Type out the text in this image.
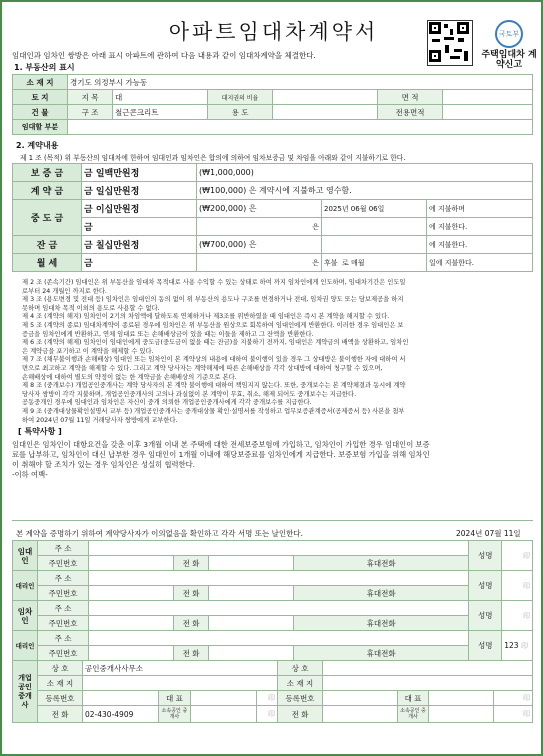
아파트임대차계약서	국토부
주택임대차 계약신고
임대인과 임차인 쌍방은 아래 표시 아파트에 관하여 다음 내용과 같이 임대차계약을 체결한다.
1. 부동산의 표시
소 재 지	경기도 의정부시 가능동					
토 지	지 목	대	대지권의 비율		면 적	
건 물	구 조	철근콘크리트	용 도		전용면적	
임대할 부분						
2. 계약내용
제 1 조 (목적) 위 부동산의 임대차에 한하여 임대인과 임차인은 합의에 의하여 임차보증금 및 차임을 아래와 같이 지불하기로 한다.
보 증 금	금 일백만원정	(₩1,000,000)		
계 약 금	금 일십만원정	(₩100,000) 은 계약시에 지불하고 영수함.		
중 도 금	금 이십만원정	(₩200,000) 은	2025년 06월 06일	에 지불하며
	금	은		에 지불한다.
잔 금	금 칠십만원정	(₩700,000) 은		에 지불한다.
월 세	금	은	후불 로 매월	일에 지불한다.
제 2 조 (존속기간) 임대인은 위 부동산을 임대차 목적대로 사용 수익할 수 있는 상태로 하여 까지 임차인에게 인도하며, 임대차기간은 인도일
로부터 24 개월인 까지로 한다.
제 3 조 (용도변경 및 전대 등) 임차인은 임대인의 동의 없이 위 부동산의 용도나 구조를 변경하거나 전대, 임차권 양도 또는 담보제공을 하지
못하며 임대차 목적 이외의 용도로 사용할 수 없다.
제 4 조 (계약의 해지) 임차인이 2기의 차임액에 달하도록 연체하거나 제3조를 위반하였을 때 임대인은 즉시 본 계약을 해지할 수 있다.
제 5 조 (계약의 종료) 임대차계약이 종료된 경우에 임차인은 위 부동산을 원상으로 회복하여 임대인에게 반환한다. 이러한 경우 임대인은 보
증금을 임차인에게 반환하고, 연체 임대료 또는 손해배상금이 있을 때는 이들을 제하고 그 잔액을 반환한다.
제 6 조 (계약의 해제) 임차인이 임대인에게 중도금(중도금이 없을 때는 잔금)을 지불하기 전까지, 임대인은 계약금의 배액을 상환하고, 임차인
은 계약금을 포기하고 이 계약을 해제할 수 있다.
제 7 조 (채무불이행과 손해배상) 임대인 또는 임차인이 본 계약상의 내용에 대하여 불이행이 있을 경우 그 상대방은 불이행한 자에 대하여 서
면으로 최고하고 계약을 해제할 수 있다. 그리고 계약 당사자는 계약해제에 따른 손해배상을 각각 상대방에 대하여 청구할 수 있으며,
손해배상에 대하여 별도의 약정이 없는 한 계약금을 손해배상의 기준으로 본다.
제 8 조 (중개보수) 개업공인중개사는 계약 당사자의 본 계약 불이행에 대하여 책임지지 않는다. 또한, 중개보수는 본 계약체결과 동시에 계약
당사자 쌍방이 각각 지불하며, 개업공인중개사의 고의나 과실없이 본 계약이 무효, 취소, 해제 되어도 중개보수는 지급한다.
공동중개인 경우에 임대인과 임차인은 자신이 중개 의뢰한 개업공인중개사에게 각각 중개보수를 지급한다.
제 9 조 (중개대상물확인설명서 교부 등) 개업공인중개사는 중개대상물 확인·설명서를 작성하고 업무보증관계증서(공제증서 등) 사본을 첨부
하여 2024년 07월 11일 거래당사자 쌍방에게 교부한다.
[ 특약사항 ]
임대인은 임차인이 대항요건을 갖춘 이후 3개월 이내 본 주택에 대한 전세보증보험에 가입하고, 임차인이 가입한 경우 임대인이 보증
료를 납부하고, 임차인이 대신 납부한 경우 임대인이 1개월 이내에 해당보증료를 임차인에게 지급한다. 보증보험 가입을 위해 임차인
이 취해야 할 조치가 있는 경우 임차인은 성실히 협력한다.
-이하 여백-
본 계약을 증명하기 위하여 계약당사자가 이의없음을 확인하고 각각 서명 또는 날인한다.	2024년 07월 11일
임대인	주 소					성명	印
	주민번호		전 화		휴대전화		
대리인	주 소					성명	印
	주민번호		전 화		휴대전화		
임차인	주 소					성명	印
	주민번호		전 화		휴대전화		
대리인	주 소					성명	123 印

	주민번호		전 화		휴대전화		
개업공인중개사	상 호	공인중개사사무소				상 호				
	소 재 지					소 재 지				
	등록번호		대 표		印	등록번호		대 표		印
	전 화	02-430-4909	소속공인 중개사		印	전 화		소속공인 중개사		印
